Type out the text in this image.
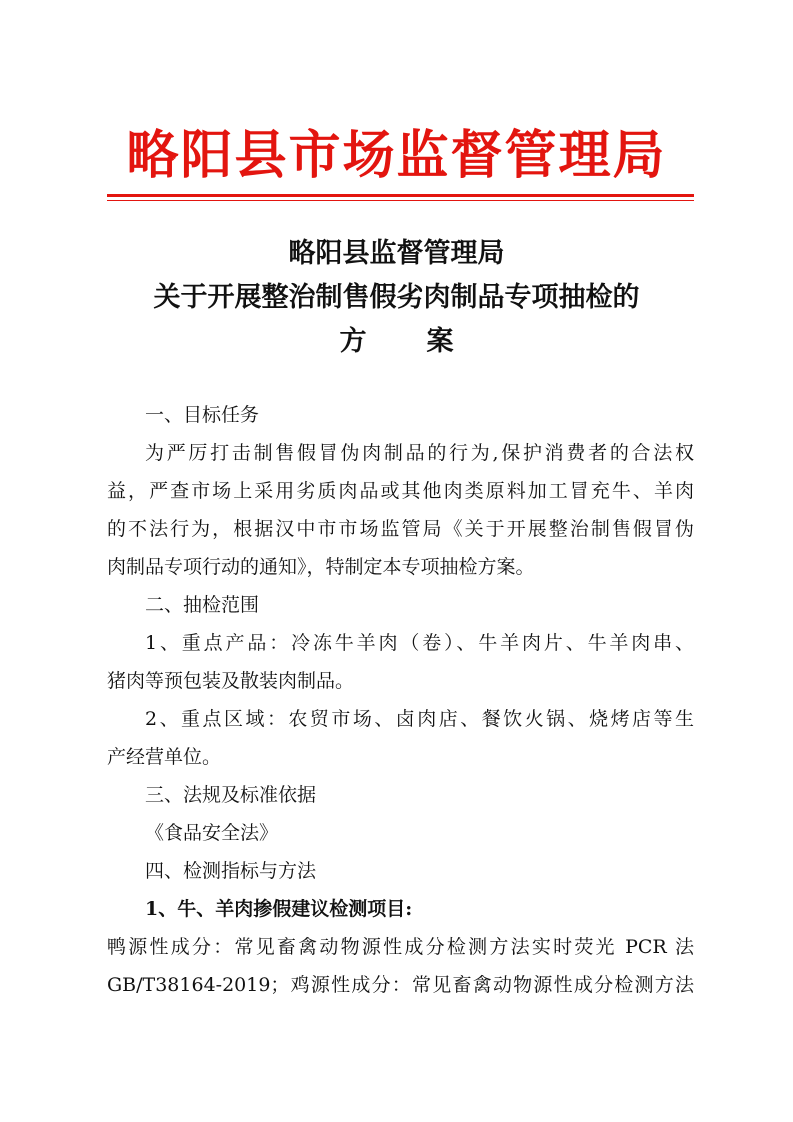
略阳县市场监督管理局
略阳县监督管理局
关于开展整治制售假劣肉制品专项抽检的
方 案
一、目标任务
为严厉打击制售假冒伪肉制品的行为,保护消费者的合法权
益，严查市场上采用劣质肉品或其他肉类原料加工冒充牛、羊肉
的不法行为，根据汉中市市场监管局《关于开展整治制售假冒伪
肉制品专项行动的通知》，特制定本专项抽检方案。
二、抽检范围
1、重点产品：冷冻牛羊肉（卷）、牛羊肉片、牛羊肉串、
猪肉等预包装及散装肉制品。
2、重点区域：农贸市场、卤肉店、餐饮火锅、烧烤店等生
产经营单位。
三、法规及标准依据
《食品安全法》
四、检测指标与方法
1、牛、羊肉掺假建议检测项目:
鸭源性成分：常见畜禽动物源性成分检测方法实时荧光 PCR 法
GB/T38164-2019；鸡源性成分：常见畜禽动物源性成分检测方法
